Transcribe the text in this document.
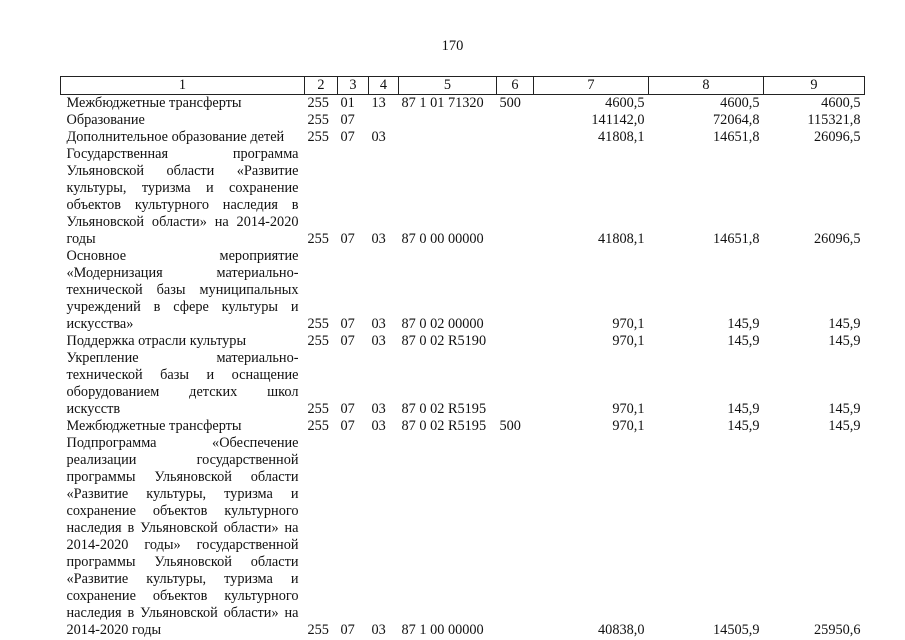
170
1	2	3	4	5	6	7	8	9
Межбюджетные трансферты	255	01	13	87 1 01 71320	500	4600,5	4600,5	4600,5
Образование	255	07				141142,0	72064,8	115321,8
Дополнительное образование детей	255	07	03			41808,1	14651,8	26096,5
Государственная программа Ульяновской области «Развитие культуры, туризма и сохранение объектов культурного наследия в Ульяновской области» на 2014-2020 годы	255	07	03	87 0 00 00000		41808,1	14651,8	26096,5
Основное мероприятие «Модернизация материально-технической базы муниципальных учреждений в сфере культуры и искусства»	255	07	03	87 0 02 00000		970,1	145,9	145,9
Поддержка отрасли культуры	255	07	03	87 0 02 R5190		970,1	145,9	145,9
Укрепление материально-технической базы и оснащение оборудованием детских школ искусств	255	07	03	87 0 02 R5195		970,1	145,9	145,9
Межбюджетные трансферты	255	07	03	87 0 02 R5195	500	970,1	145,9	145,9
Подпрограмма «Обеспечение реализации государственной программы Ульяновской области «Развитие культуры, туризма и сохранение объектов культурного наследия в Ульяновской области» на 2014-2020 годы» государственной программы Ульяновской области «Развитие культуры, туризма и сохранение объектов культурного наследия в Ульяновской области» на 2014-2020 годы	255	07	03	87 1 00 00000		40838,0	14505,9	25950,6
